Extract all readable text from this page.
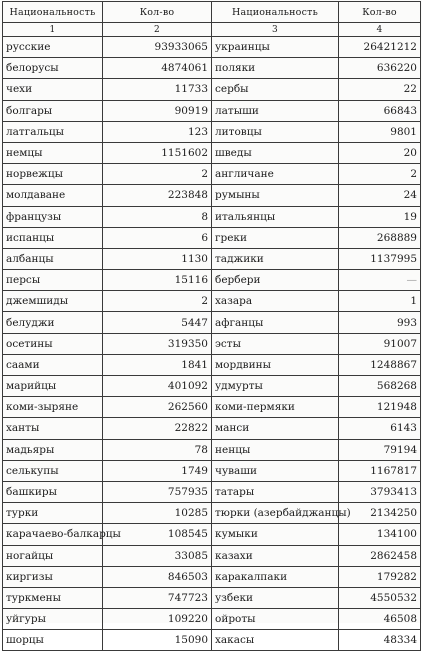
Национальность	Кол-во	Национальность	Кол-во
1	2	3	4
русские	93933065	украинцы	26421212
белорусы	4874061	поляки	636220
чехи	11733	сербы	22
болгары	90919	латыши	66843
латгальцы	123	литовцы	9801
немцы	1151602	шведы	20
норвежцы	2	англичане	2
молдаване	223848	румыны	24
французы	8	итальянцы	19
испанцы	6	греки	268889
албанцы	1130	таджики	1137995
персы	15116	бербери	—
джемшиды	2	хазара	1
белуджи	5447	афганцы	993
осетины	319350	эсты	91007
саами	1841	мордвины	1248867
марийцы	401092	удмурты	568268
коми-зыряне	262560	коми-пермяки	121948
ханты	22822	манси	6143
мадьяры	78	ненцы	79194
селькупы	1749	чуваши	1167817
башкиры	757935	татары	3793413
турки	10285	тюрки (азербайджанцы)	2134250
карачаево-балкарцы	108545	кумыки	134100
ногайцы	33085	казахи	2862458
киргизы	846503	каракалпаки	179282
туркмены	747723	узбеки	4550532
уйгуры	109220	ойроты	46508
шорцы	15090	хакасы	48334
